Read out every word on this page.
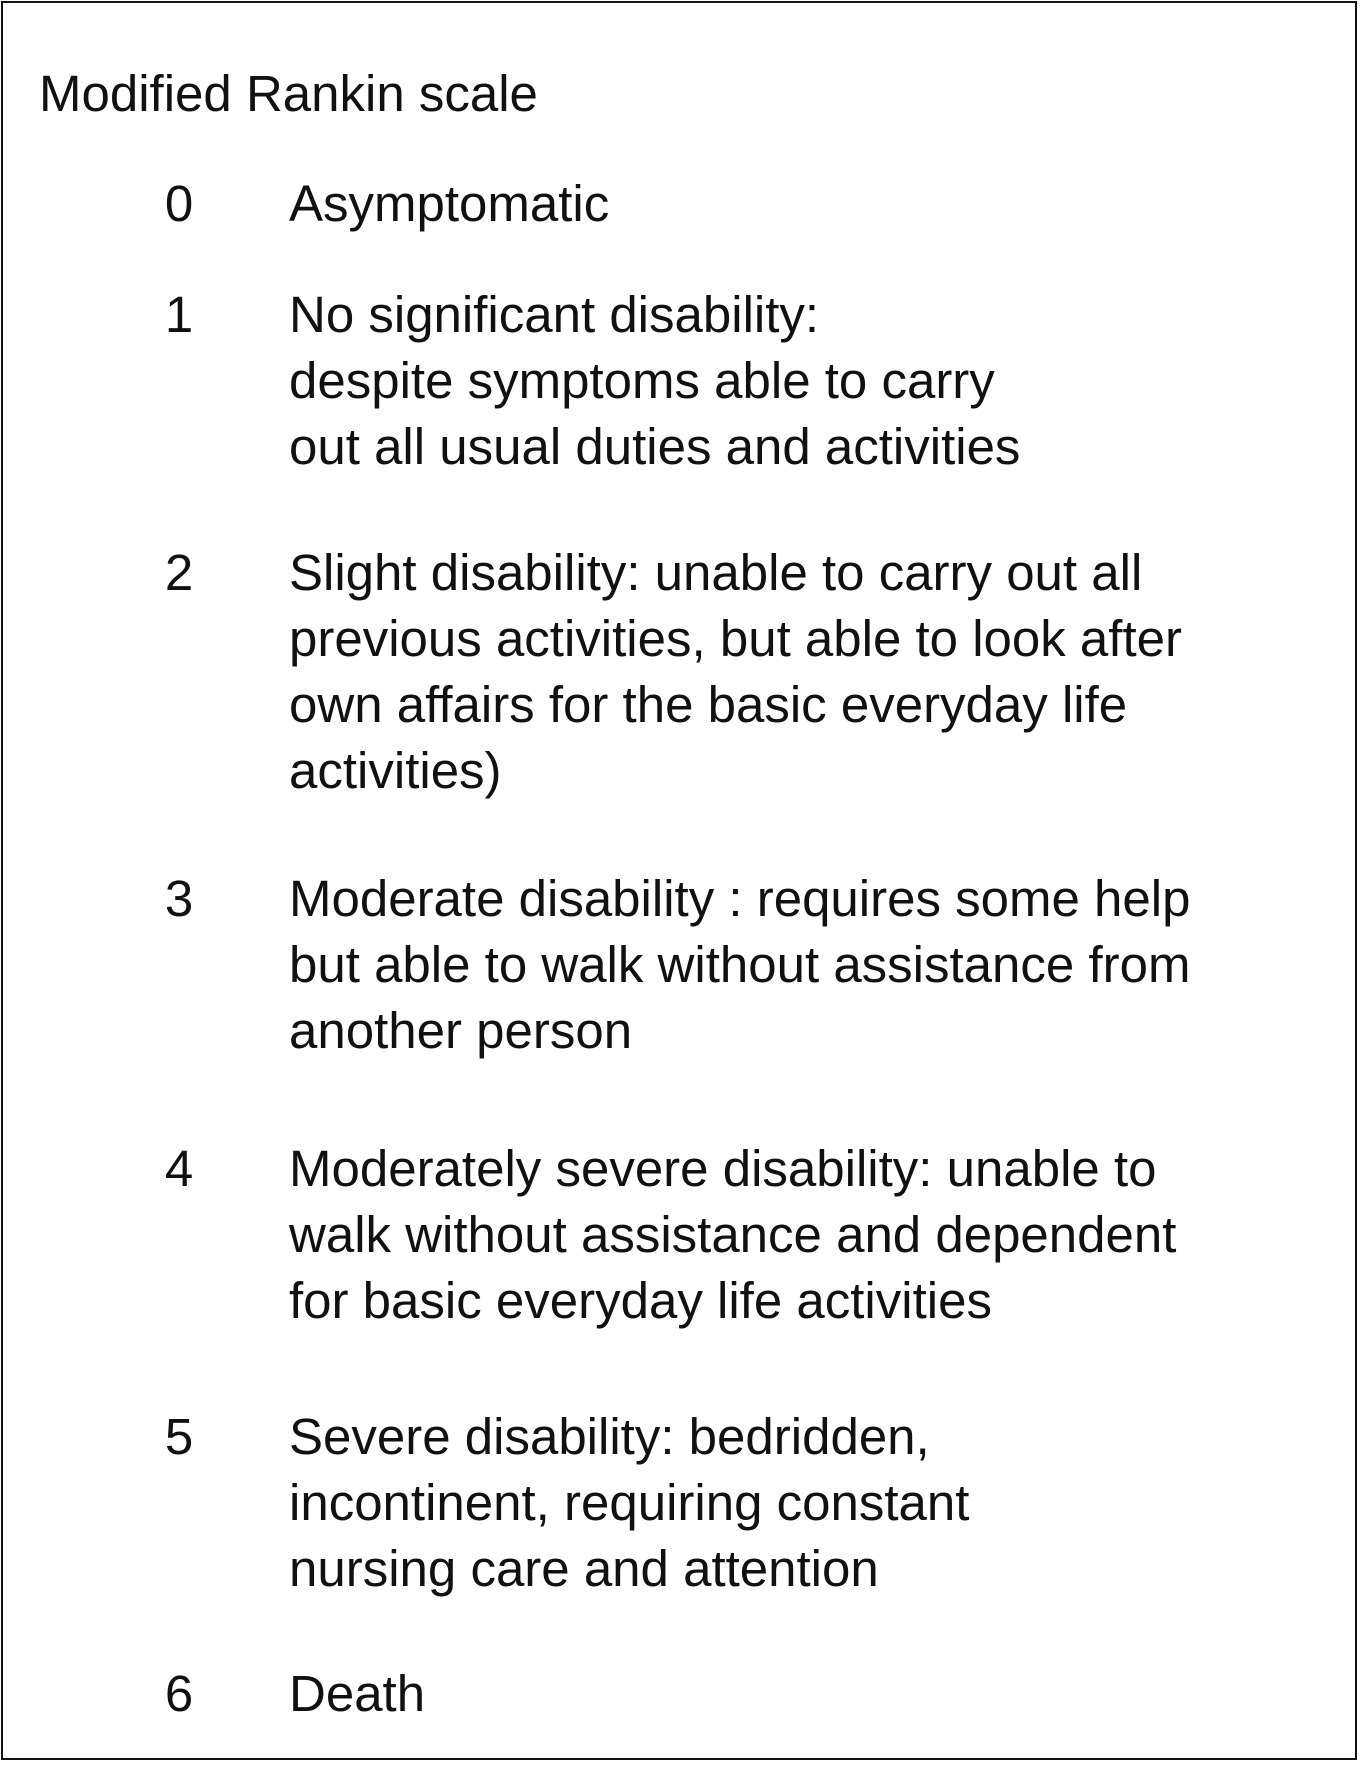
Modified Rankin scale
0 Asymptomatic
1 No significant disability:
despite symptoms able to carry
out all usual duties and activities
2 Slight disability: unable to carry out all
previous activities, but able to look after
own affairs for the basic everyday life
activities)
3 Moderate disability : requires some help
but able to walk without assistance from
another person
4 Moderately severe disability: unable to
walk without assistance and dependent
for basic everyday life activities
5 Severe disability: bedridden,
incontinent, requiring constant
nursing care and attention
6 Death
